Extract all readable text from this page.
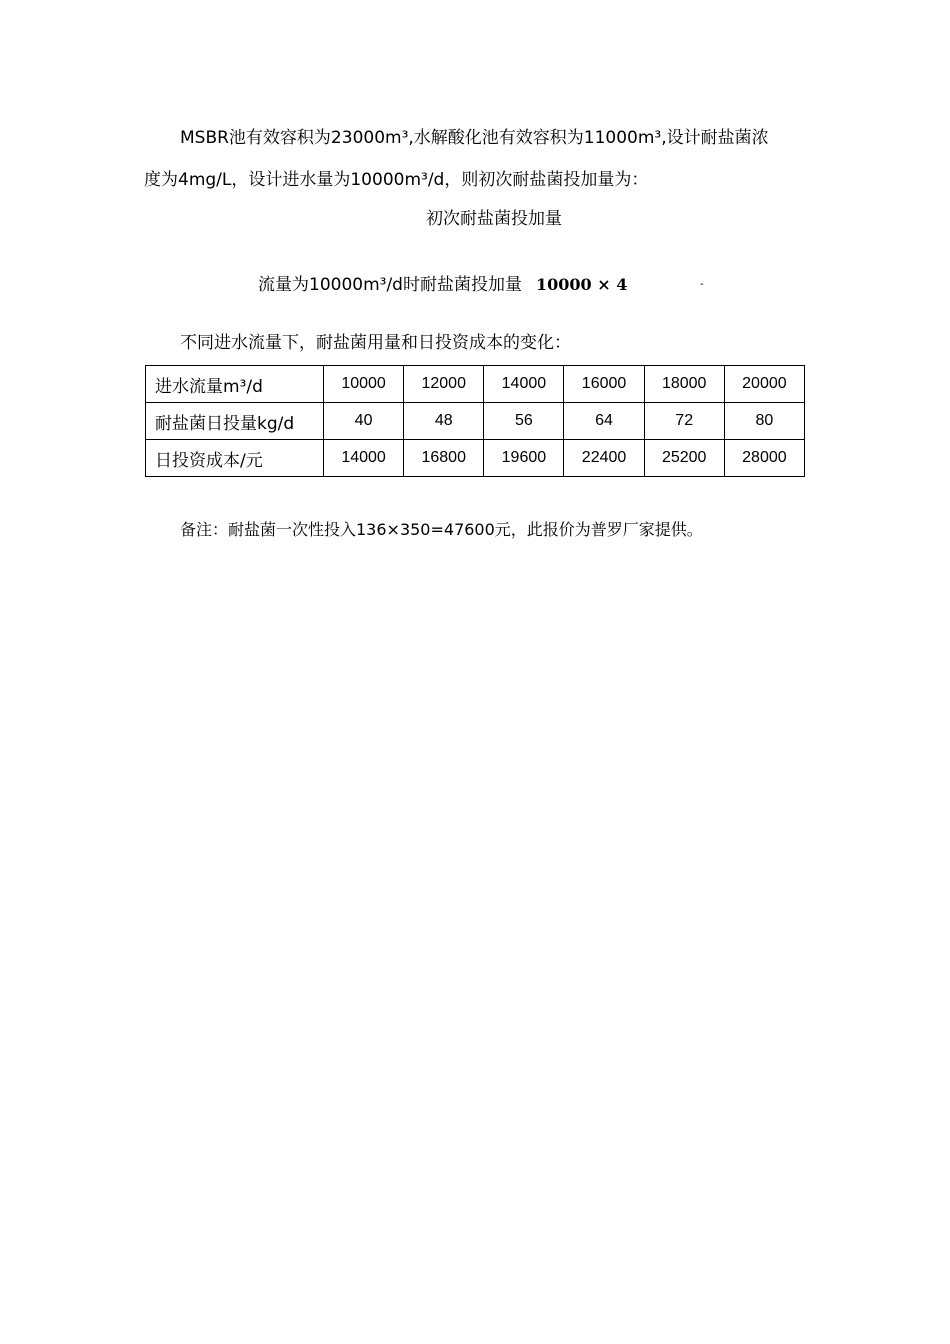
MSBR池有效容积为23000m³,水解酸化池有效容积为11000m³,设计耐盐菌浓
度为4mg/L，设计进水量为10000m³/d，则初次耐盐菌投加量为：

初次耐盐菌投加量
流量为10000m³/d时耐盐菌投加量 10000 × 4	-
不同进水流量下，耐盐菌用量和日投资成本的变化：
进水流量m³/d	10000	12000	14000	16000	18000	20000
耐盐菌日投量kg/d	40	48	56	64	72	80
日投资成本/元	14000	16800	19600	22400	25200	28000
备注：耐盐菌一次性投入136×350=47600元，此报价为普罗厂家提供。
